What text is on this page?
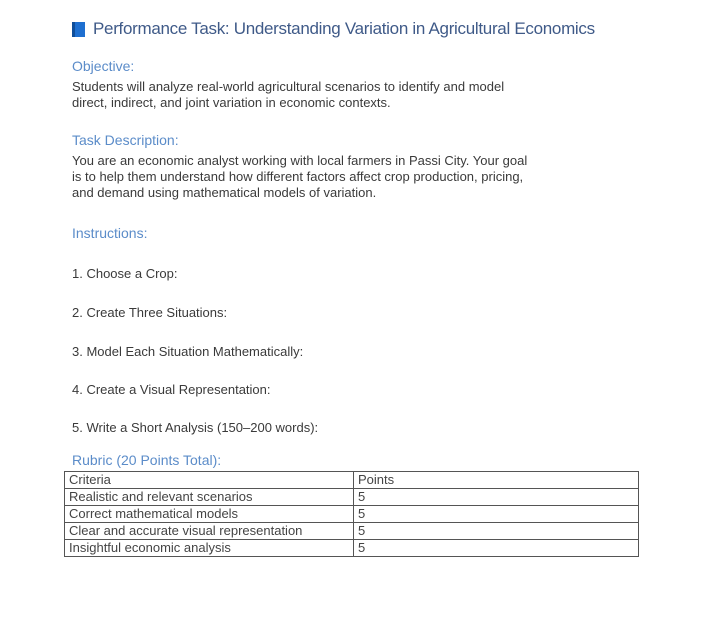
Performance Task: Understanding Variation in Agricultural Economics
Objective:
Students will analyze real-world agricultural scenarios to identify and model
direct, indirect, and joint variation in economic contexts.
Task Description:
You are an economic analyst working with local farmers in Passi City. Your goal
is to help them understand how different factors affect crop production, pricing,
and demand using mathematical models of variation.
Instructions:
1. Choose a Crop:
2. Create Three Situations:
3. Model Each Situation Mathematically:
4. Create a Visual Representation:
5. Write a Short Analysis (150–200 words):
Rubric (20 Points Total):
Criteria	Points
Realistic and relevant scenarios	5
Correct mathematical models	5
Clear and accurate visual representation	5
Insightful economic analysis	5
